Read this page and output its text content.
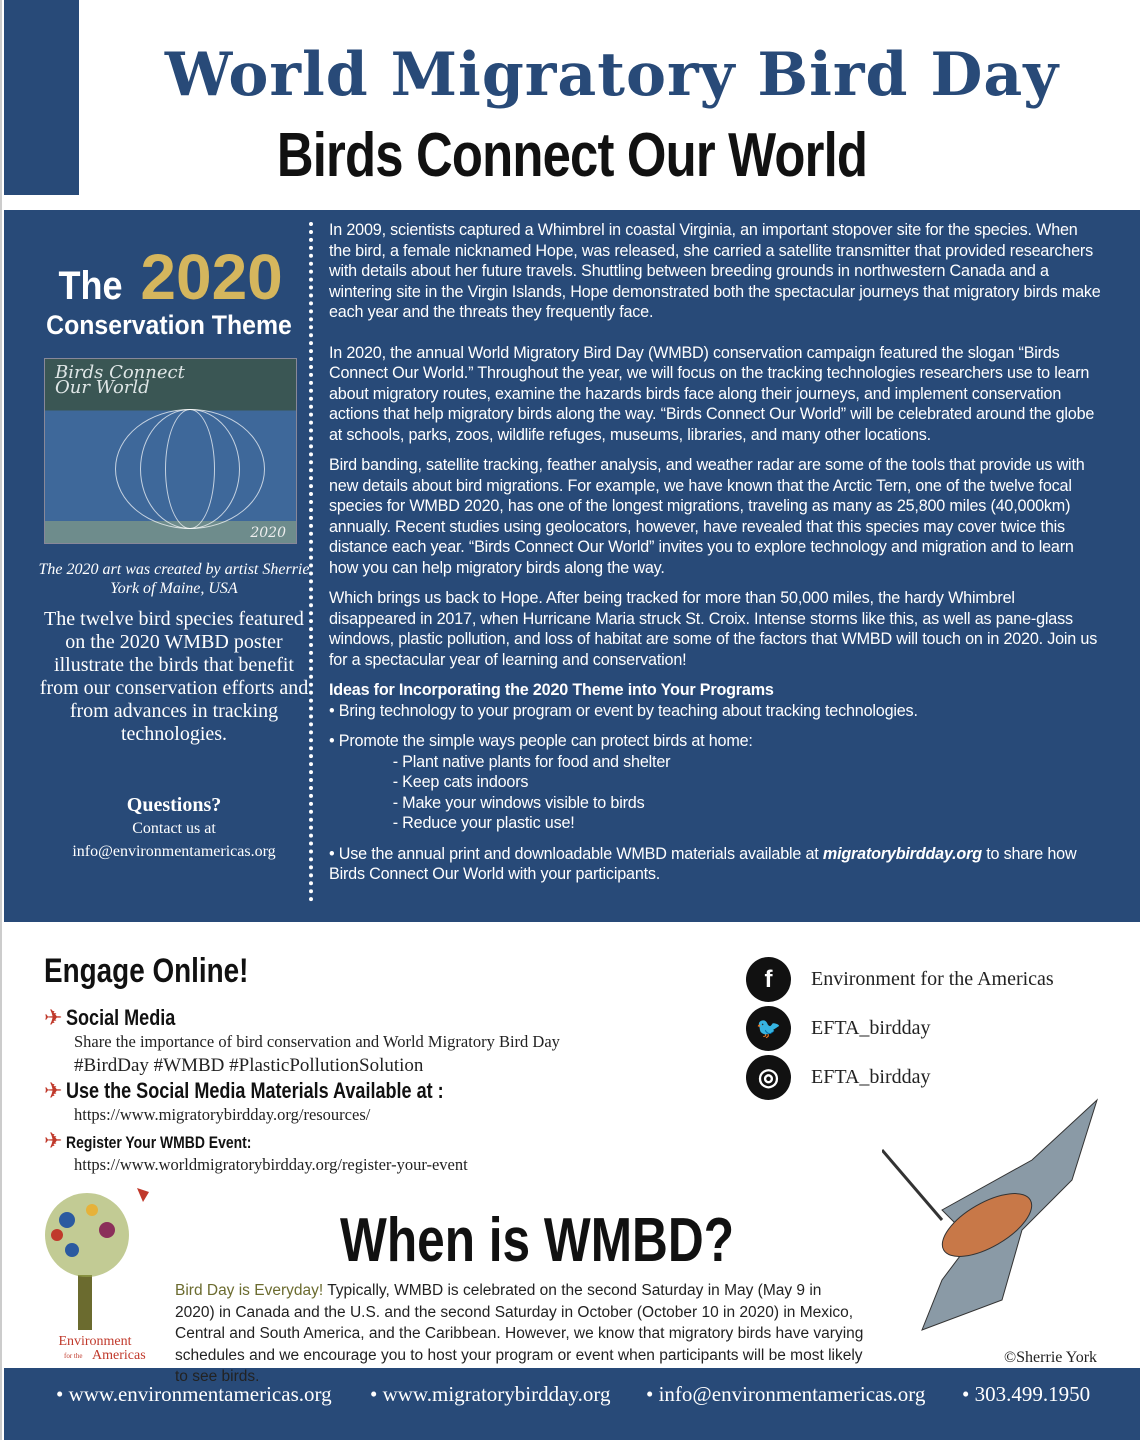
World Migratory Bird Day
Birds Connect Our World
The 2020
Conservation Theme
Birds Connect
Our World
2020
The 2020 art was created by artist Sherrie York of Maine, USA
The twelve bird species featured on the 2020 WMBD poster illustrate the birds that benefit from our conservation efforts and from advances in tracking technologies.
Questions?

Contact us at

info@environmentamericas.org

In 2009, scientists captured a Whimbrel in coastal Virginia, an important stopover site for the species. When the bird, a female nicknamed Hope, was released, she carried a satellite transmitter that provided researchers with details about her future travels. Shuttling between breeding grounds in northwestern Canada and a wintering site in the Virgin Islands, Hope demonstrated both the spectacular journeys that migratory birds make each year and the threats they frequently face.

In 2020, the annual World Migratory Bird Day (WMBD) conservation campaign featured the slogan “Birds Connect Our World.” Throughout the year, we will focus on the tracking technologies researchers use to learn about migratory routes, examine the hazards birds face along their journeys, and implement conservation actions that help migratory birds along the way. “Birds Connect Our World” will be celebrated around the globe at schools, parks, zoos, wildlife refuges, museums, libraries, and many other locations.

Bird banding, satellite tracking, feather analysis, and weather radar are some of the tools that provide us with new details about bird migrations. For example, we have known that the Arctic Tern, one of the twelve focal species for WMBD 2020, has one of the longest migrations, traveling as many as 25,800 miles (40,000km) annually. Recent studies using geolocators, however, have revealed that this species may cover twice this distance each year. “Birds Connect Our World” invites you to explore technology and migration and to learn how you can help migratory birds along the way.

Which brings us back to Hope. After being tracked for more than 50,000 miles, the hardy Whimbrel disappeared in 2017, when Hurricane Maria struck St. Croix. Intense storms like this, as well as pane-glass windows, plastic pollution, and loss of habitat are some of the factors that WMBD will touch on in 2020. Join us for a spectacular year of learning and conservation!

Ideas for Incorporating the 2020 Theme into Your Programs

• Bring technology to your program or event by teaching about tracking technologies.

• Promote the simple ways people can protect birds at home:

- Plant native plants for food and shelter
- Keep cats indoors
- Make your windows visible to birds
- Reduce your plastic use!

• Use the annual print and downloadable WMBD materials available at migratorybirdday.org to share how Birds Connect Our World with your participants.

Engage Online!
✈ Social Media
Share the importance of bird conservation and World Migratory Bird Day
#BirdDay #WMBD #PlasticPollutionSolution
✈ Use the Social Media Materials Available at :
https://www.migratorybirdday.org/resources/
✈ Register Your WMBD Event:
https://www.worldmigratorybirdday.org/register-your-event
f	Environment for the Americas
🐦	EFTA_birdday
◎	EFTA_birdday
Environment
for the Americas
When is WMBD?
Bird Day is Everyday! Typically, WMBD is celebrated on the second Saturday in May (May 9 in 2020) in Canada and the U.S. and the second Saturday in October (October 10 in 2020) in Mexico, Central and South America, and the Caribbean. However, we know that migratory birds have varying schedules and we encourage you to host your program or event when participants will be most likely to see birds.
©Sherrie York
• www.environmentamericas.org • www.migratorybirdday.org • info@environmentamericas.org • 303.499.1950
